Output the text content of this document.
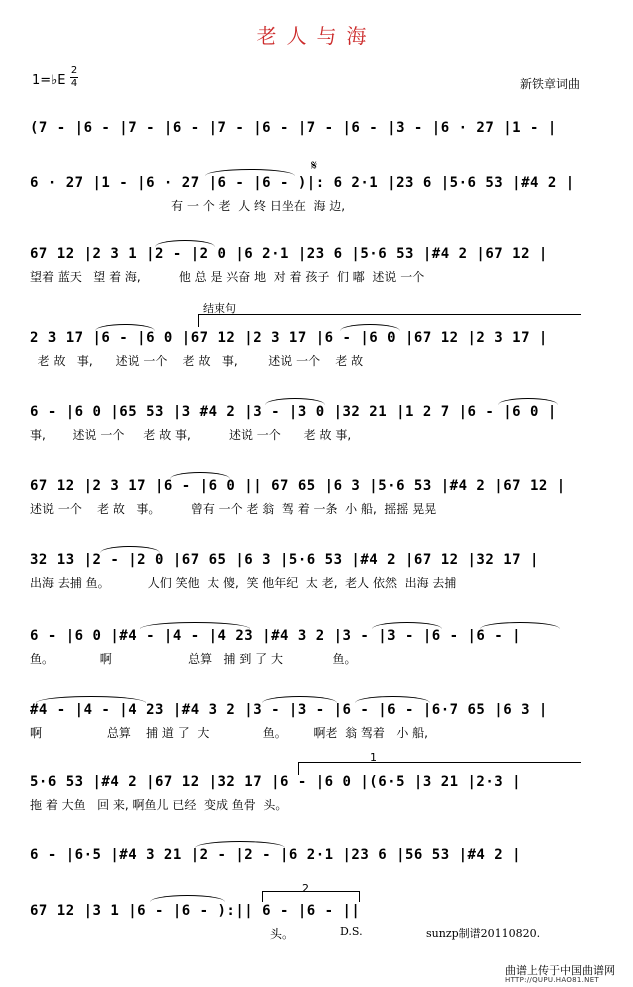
老人与海
1=♭E
2
4	新铁章词曲
(7 - |6 - |7 - |6 - |7 - |6 - |7 - |6 - |3 - |6 · 27 |1 - |
𝄋
6 · 27 |1 - |6 · 27 |6 - |6 - )|: 6 2·1 |23 6 |5·6 53 |#4 2 |
有 一 个 老  人 终 日坐在  海 边,
67 12 |2 3 1 |2 - |2 0 |6 2·1 |23 6 |5·6 53 |#4 2 |67 12 |
望着 蓝天   望 着 海,          他 总 是 兴奋 地  对 着 孩子  们 嘟  述说 一个
结束句
2 3 17 |6 - |6 0 |67 12 |2 3 17 |6 - |6 0 |67 12 |2 3 17 |
老 故   事,      述说 一个    老 故   事,        述说 一个    老 故
6 - |6 0 |65 53 |3 #4 2 |3 - |3 0 |32 21 |1 2 7 |6 - |6 0 |
事,       述说 一个     老 故 事,          述说 一个      老 故 事,
67 12 |2 3 17 |6 - |6 0 || 67 65 |6 3 |5·6 53 |#4 2 |67 12 |
述说 一个    老 故   事。        曾有 一个 老 翁  驾 着 一条  小 船,  摇摇 晃晃
32 13 |2 - |2 0 |67 65 |6 3 |5·6 53 |#4 2 |67 12 |32 17 |
出海 去捕 鱼。          人们 笑他  太 傻,  笑 他年纪  太 老,  老人 依然  出海 去捕
6 - |6 0 |#4 - |4 - |4 23 |#4 3 2 |3 - |3 - |6 - |6 - |
鱼。            啊                    总算   捕 到 了 大             鱼。
#4 - |4 - |4 23 |#4 3 2 |3 - |3 - |6 - |6 - |6·7 65 |6 3 |
啊                 总算    捕 道 了  大              鱼。       啊老  翁 驾着   小 船,
1
5·6 53 |#4 2 |67 12 |32 17 |6 - |6 0 |(6·5 |3 21 |2·3 |
拖 着 大鱼   回 来, 啊鱼儿 已经  变成 鱼骨  头。
6 - |6·5 |#4 3 21 |2 - |2 - |6 2·1 |23 6 |56 53 |#4 2 |
67 12 |3 1 |6 - |6 - ):|| 6 - |6 - ||
2
头。	D.S.	sunzp制谱20110820.
曲谱上传于中国曲谱网
HTTP://QUPU.HAO81.NET
